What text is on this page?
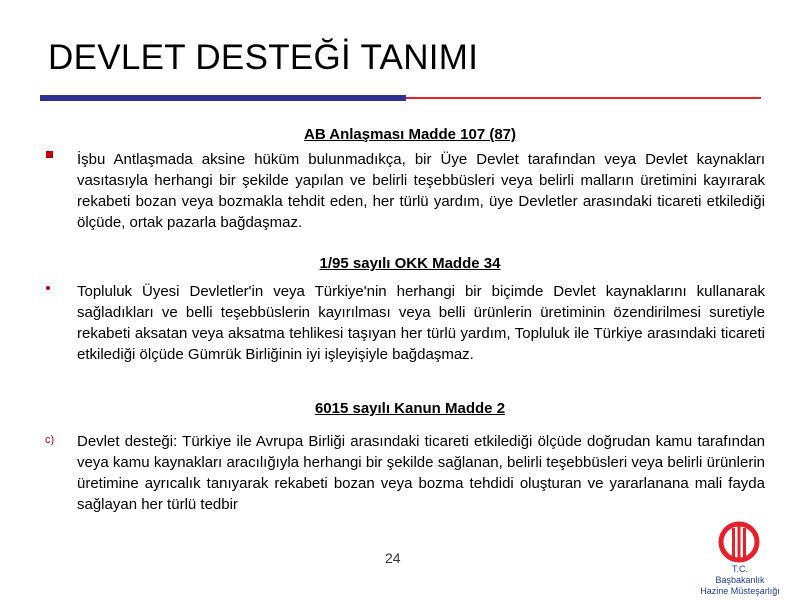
DEVLET DESTEĞİ TANIMI
AB Anlaşması Madde 107 (87)
İşbu Antlaşmada aksine hüküm bulunmadıkça, bir Üye Devlet tarafından veya Devlet kaynakları vasıtasıyla herhangi bir şekilde yapılan ve belirli teşebbüsleri veya belirli malların üretimini kayırarak rekabeti bozan veya bozmakla tehdit eden, her türlü yardım, üye Devletler arasındaki ticareti etkilediği ölçüde, ortak pazarla bağdaşmaz.
1/95 sayılı OKK Madde 34
Topluluk Üyesi Devletler'in veya Türkiye'nin herhangi bir biçimde Devlet kaynaklarını kullanarak sağladıkları ve belli teşebbüslerin kayırılması veya belli ürünlerin üretiminin özendirilmesi suretiyle rekabeti aksatan veya aksatma tehlikesi taşıyan her türlü yardım, Topluluk ile Türkiye arasındaki ticareti etkilediği ölçüde Gümrük Birliğinin iyi işleyişiyle bağdaşmaz.
6015 sayılı Kanun Madde 2
c) Devlet desteği: Türkiye ile Avrupa Birliği arasındaki ticareti etkilediği ölçüde doğrudan kamu tarafından veya kamu kaynakları aracılığıyla herhangi bir şekilde sağlanan, belirli teşebbüsleri veya belirli ürünlerin üretimine ayrıcalık tanıyarak rekabeti bozan veya bozma tehdidi oluşturan ve yararlanana mali fayda sağlayan her türlü tedbir
24
T.C.
Başbakanlık
Hazine Müsteşarlığı
